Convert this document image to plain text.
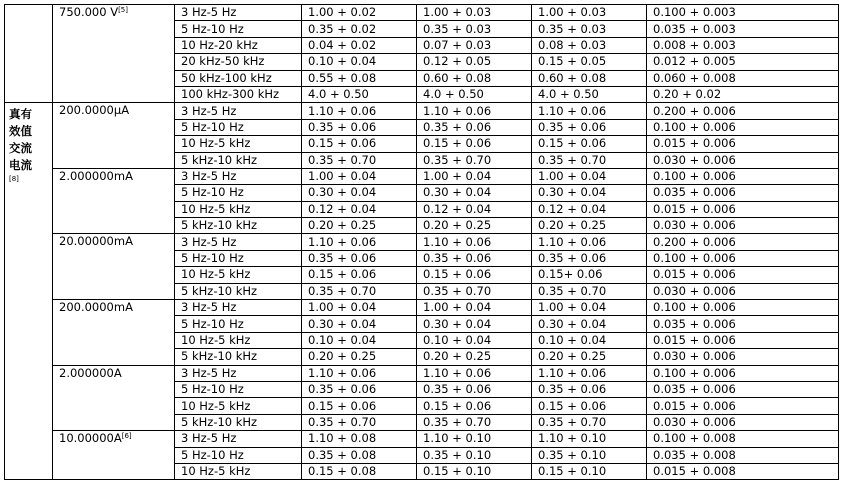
	750.000 V[5]	3 Hz-5 Hz	1.00 + 0.02	1.00 + 0.03	1.00 + 0.03	0.100 + 0.003
		5 Hz-10 Hz	0.35 + 0.02	0.35 + 0.03	0.35 + 0.03	0.035 + 0.003
		10 Hz-20 kHz	0.04 + 0.02	0.07 + 0.03	0.08 + 0.03	0.008 + 0.003
		20 kHz-50 kHz	0.10 + 0.04	0.12 + 0.05	0.15 + 0.05	0.012 + 0.005
		50 kHz-100 kHz	0.55 + 0.08	0.60 + 0.08	0.60 + 0.08	0.060 + 0.008
		100 kHz-300 kHz	4.0 + 0.50	4.0 + 0.50	4.0 + 0.50	0.20 + 0.02

真有
效值
交流
电流
[8]	200.0000μA	3 Hz-5 Hz	1.10 + 0.06	1.10 + 0.06	1.10 + 0.06	0.200 + 0.006
		5 Hz-10 Hz	0.35 + 0.06	0.35 + 0.06	0.35 + 0.06	0.100 + 0.006
		10 Hz-5 kHz	0.15 + 0.06	0.15 + 0.06	0.15 + 0.06	0.015 + 0.006
		5 kHz-10 kHz	0.35 + 0.70	0.35 + 0.70	0.35 + 0.70	0.030 + 0.006
	2.000000mA	3 Hz-5 Hz	1.00 + 0.04	1.00 + 0.04	1.00 + 0.04	0.100 + 0.006
		5 Hz-10 Hz	0.30 + 0.04	0.30 + 0.04	0.30 + 0.04	0.035 + 0.006
		10 Hz-5 kHz	0.12 + 0.04	0.12 + 0.04	0.12 + 0.04	0.015 + 0.006
		5 kHz-10 kHz	0.20 + 0.25	0.20 + 0.25	0.20 + 0.25	0.030 + 0.006
	20.00000mA	3 Hz-5 Hz	1.10 + 0.06	1.10 + 0.06	1.10 + 0.06	0.200 + 0.006
		5 Hz-10 Hz	0.35 + 0.06	0.35 + 0.06	0.35 + 0.06	0.100 + 0.006
		10 Hz-5 kHz	0.15 + 0.06	0.15 + 0.06	0.15+ 0.06	0.015 + 0.006
		5 kHz-10 kHz	0.35 + 0.70	0.35 + 0.70	0.35 + 0.70	0.030 + 0.006
	200.0000mA	3 Hz-5 Hz	1.00 + 0.04	1.00 + 0.04	1.00 + 0.04	0.100 + 0.006
		5 Hz-10 Hz	0.30 + 0.04	0.30 + 0.04	0.30 + 0.04	0.035 + 0.006
		10 Hz-5 kHz	0.10 + 0.04	0.10 + 0.04	0.10 + 0.04	0.015 + 0.006
		5 kHz-10 kHz	0.20 + 0.25	0.20 + 0.25	0.20 + 0.25	0.030 + 0.006
	2.000000A	3 Hz-5 Hz	1.10 + 0.06	1.10 + 0.06	1.10 + 0.06	0.100 + 0.006
		5 Hz-10 Hz	0.35 + 0.06	0.35 + 0.06	0.35 + 0.06	0.035 + 0.006
		10 Hz-5 kHz	0.15 + 0.06	0.15 + 0.06	0.15 + 0.06	0.015 + 0.006
		5 kHz-10 kHz	0.35 + 0.70	0.35 + 0.70	0.35 + 0.70	0.030 + 0.006
	10.00000A[6]	3 Hz-5 Hz	1.10 + 0.08	1.10 + 0.10	1.10 + 0.10	0.100 + 0.008
		5 Hz-10 Hz	0.35 + 0.08	0.35 + 0.10	0.35 + 0.10	0.035 + 0.008
		10 Hz-5 kHz	0.15 + 0.08	0.15 + 0.10	0.15 + 0.10	0.015 + 0.008
